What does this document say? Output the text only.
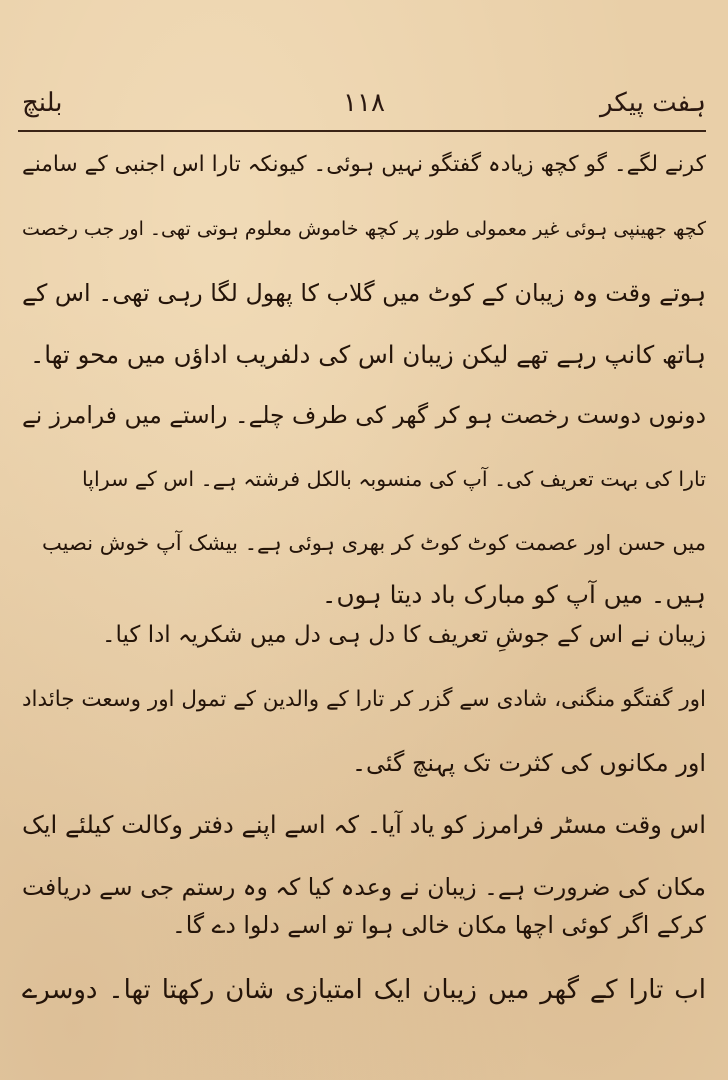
ہفت پیکر
۱۱۸
بلنچ
کرنے لگے۔ گو کچھ زیادہ گفتگو نہیں ہوئی۔ کیونکہ تارا اس اجنبی کے سامنے
کچھ جھینپی ہوئی غیر معمولی طور پر کچھ خاموش معلوم ہوتی تھی۔ اور جب رخصت
ہوتے وقت وہ زیبان کے کوٹ میں گلاب کا پھول لگا رہی تھی۔ اس کے
ہاتھ کانپ رہے تھے لیکن زیبان اس کی دلفریب اداؤں میں محو تھا۔
دونوں دوست رخصت ہو کر گھر کی طرف چلے۔ راستے میں فرامرز نے
تارا کی بہت تعریف کی۔ آپ کی منسوبہ بالکل فرشتہ ہے۔ اس کے سراپا
میں حسن اور عصمت کوٹ کوٹ کر بھری ہوئی ہے۔ بیشک آپ خوش نصیب
ہیں۔ میں آپ کو مبارک باد دیتا ہوں۔
زیبان نے اس کے جوشِ تعریف کا دل ہی دل میں شکریہ ادا کیا۔
اور گفتگو منگنی، شادی سے گزر کر تارا کے والدین کے تمول اور وسعت جائداد
اور مکانوں کی کثرت تک پہنچ گئی۔
اس وقت مسٹر فرامرز کو یاد آیا۔ کہ اسے اپنے دفتر وکالت کیلئے ایک
مکان کی ضرورت ہے۔ زیبان نے وعدہ کیا کہ وہ رستم جی سے دریافت
کرکے اگر کوئی اچھا مکان خالی ہوا تو اسے دلوا دے گا۔
اب تارا کے گھر میں زیبان ایک امتیازی شان رکھتا تھا۔ دوسرے
